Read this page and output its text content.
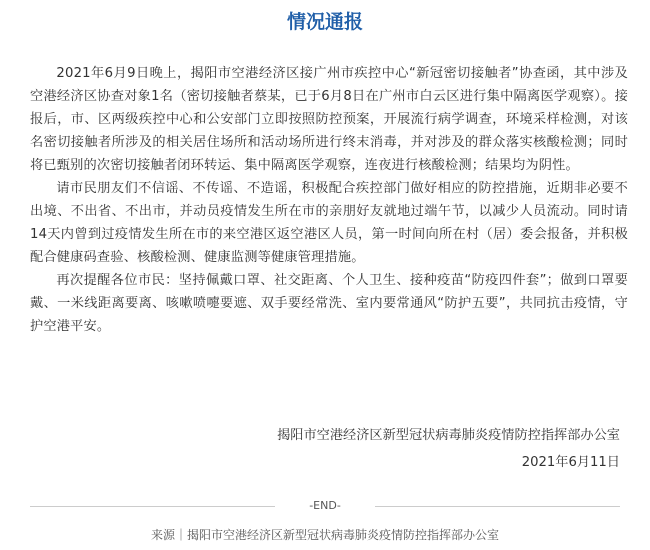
情况通报

2021年6月9日晚上，揭阳市空港经济区接广州市疾控中心“新冠密切接触者”协查函，其中涉及空港经济区协查对象1名（密切接触者蔡某，已于6月8日在广州市白云区进行集中隔离医学观察）。接报后，市、区两级疾控中心和公安部门立即按照防控预案，开展流行病学调查，环境采样检测，对该名密切接触者所涉及的相关居住场所和活动场所进行终末消毒，并对涉及的群众落实核酸检测；同时将已甄别的次密切接触者闭环转运、集中隔离医学观察，连夜进行核酸检测；结果均为阴性。

请市民朋友们不信谣、不传谣、不造谣，积极配合疾控部门做好相应的防控措施，近期非必要不出境、不出省、不出市，并动员疫情发生所在市的亲朋好友就地过端午节，以减少人员流动。同时请14天内曾到过疫情发生所在市的来空港区返空港区人员，第一时间向所在村（居）委会报备，并积极配合健康码查验、核酸检测、健康监测等健康管理措施。

再次提醒各位市民：坚持佩戴口罩、社交距离、个人卫生、接种疫苗“防疫四件套”；做到口罩要戴、一米线距离要离、咳嗽喷嚏要遮、双手要经常洗、室内要常通风“防护五要”，共同抗击疫情，守护空港平安。

揭阳市空港经济区新型冠状病毒肺炎疫情防控指挥部办公室
2021年6月11日
-END-
来源｜揭阳市空港经济区新型冠状病毒肺炎疫情防控指挥部办公室
